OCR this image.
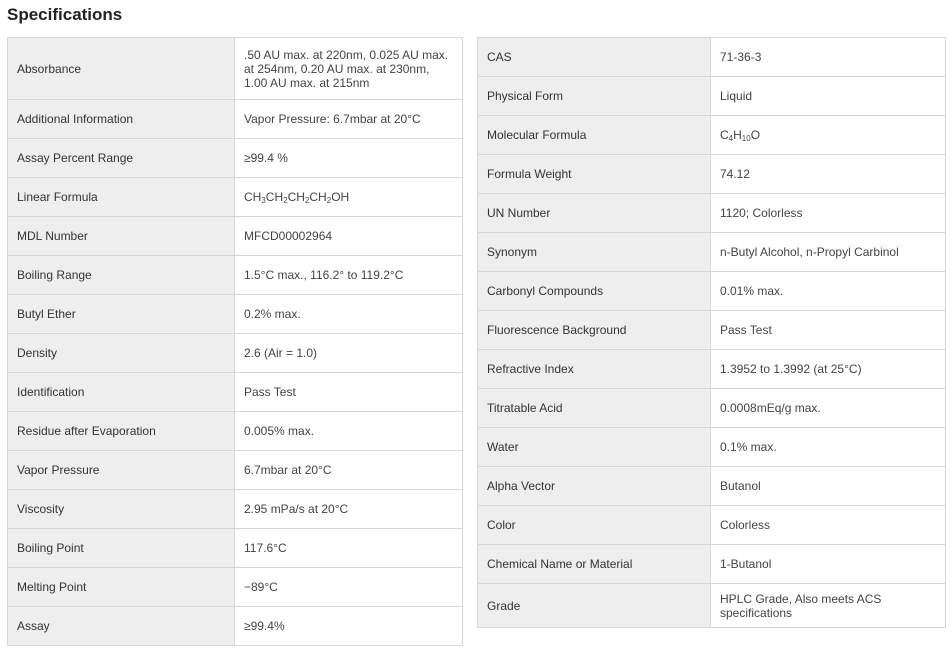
Specifications
Absorbance	.50 AU max. at 220nm, 0.025 AU max. at 254nm, 0.20 AU max. at 230nm, 1.00 AU max. at 215nm
Additional Information	Vapor Pressure: 6.7mbar at 20°C
Assay Percent Range	≥99.4 %
Linear Formula	$CH_3CH_2CH_2CH_2OH$
MDL Number	MFCD00002964
Boiling Range	1.5°C max., 116.2° to 119.2°C
Butyl Ether	0.2% max.
Density	2.6 (Air = 1.0)
Identification	Pass Test
Residue after Evaporation	0.005% max.
Vapor Pressure	6.7mbar at 20°C
Viscosity	2.95 mPa/s at 20°C
Boiling Point	117.6°C
Melting Point	−89°C
Assay	≥99.4%
CAS	71-36-3
Physical Form	Liquid
Molecular Formula	$C_4H_{10}O$
Formula Weight	74.12
UN Number	1120; Colorless
Synonym	n-Butyl Alcohol, n-Propyl Carbinol
Carbonyl Compounds	0.01% max.
Fluorescence Background	Pass Test
Refractive Index	1.3952 to 1.3992 (at 25°C)
Titratable Acid	0.0008mEq/g max.
Water	0.1% max.
Alpha Vector	Butanol
Color	Colorless
Chemical Name or Material	1-Butanol
Grade	HPLC Grade, Also meets ACS specifications
